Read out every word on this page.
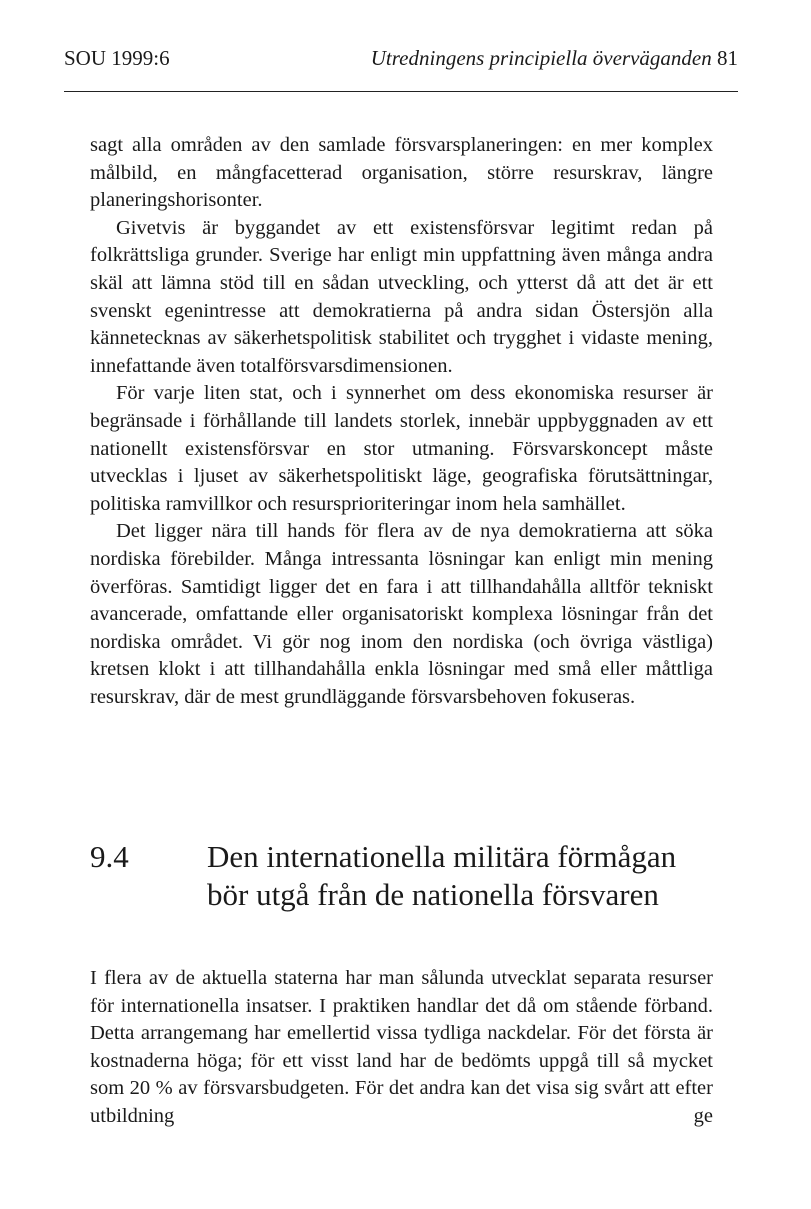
SOU 1999:6	Utredningens principiella överväganden 81

sagt alla områden av den samlade försvarsplaneringen: en mer komplex målbild, en mångfacetterad organisation, större resurskrav, längre planeringshorisonter.

Givetvis är byggandet av ett existensförsvar legitimt redan på folkrättsliga grunder. Sverige har enligt min uppfattning även många andra skäl att lämna stöd till en sådan utveckling, och ytterst då att det är ett svenskt egenintresse att demokratierna på andra sidan Östersjön alla kännetecknas av säkerhetspolitisk stabilitet och trygghet i vidaste mening, innefattande även totalförsvarsdimensionen.

För varje liten stat, och i synnerhet om dess ekonomiska resurser är begränsade i förhållande till landets storlek, innebär uppbyggnaden av ett nationellt existensförsvar en stor utmaning. Försvarskoncept måste utvecklas i ljuset av säkerhetspolitiskt läge, geografiska förutsättningar, politiska ramvillkor och resursprioriteringar inom hela samhället.

Det ligger nära till hands för flera av de nya demokratierna att söka nordiska förebilder. Många intressanta lösningar kan enligt min mening överföras. Samtidigt ligger det en fara i att tillhandahålla alltför tekniskt avancerade, omfattande eller organisatoriskt komplexa lösningar från det nordiska området. Vi gör nog inom den nordiska (och övriga västliga) kretsen klokt i att tillhandahålla enkla lösningar med små eller måttliga resurskrav, där de mest grundläggande försvarsbehoven fokuseras.

9.4	Den internationella militära förmågan bör utgå från de nationella försvaren

I flera av de aktuella staterna har man sålunda utvecklat separata resurser för internationella insatser. I praktiken handlar det då om stående förband. Detta arrangemang har emellertid vissa tydliga nackdelar. För det första är kostnaderna höga; för ett visst land har de bedömts uppgå till så mycket som 20 % av försvarsbudgeten. För det andra kan det visa sig svårt att efter utbildning ge
